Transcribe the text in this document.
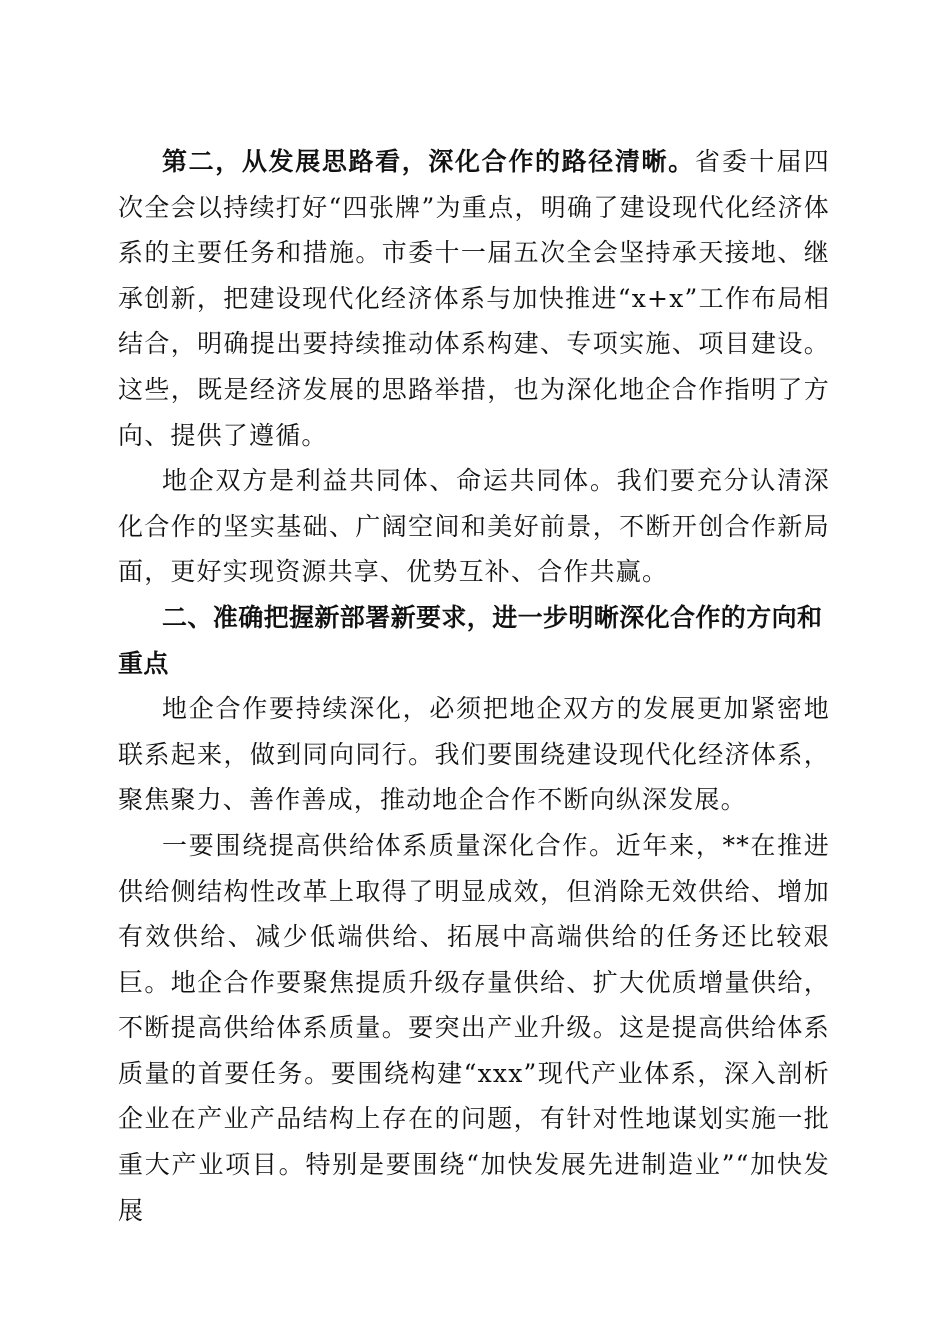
第二，从发展思路看，深化合作的路径清晰。省委十届四次全会以持续打好“四张牌”为重点，明确了建设现代化经济体系的主要任务和措施。市委十一届五次全会坚持承天接地、继承创新，把建设现代化经济体系与加快推进“x+x”工作布局相结合，明确提出要持续推动体系构建、专项实施、项目建设。这些，既是经济发展的思路举措，也为深化地企合作指明了方向、提供了遵循。

地企双方是利益共同体、命运共同体。我们要充分认清深化合作的坚实基础、广阔空间和美好前景，不断开创合作新局面，更好实现资源共享、优势互补、合作共赢。

二、准确把握新部署新要求，进一步明晰深化合作的方向和重点

地企合作要持续深化，必须把地企双方的发展更加紧密地联系起来，做到同向同行。我们要围绕建设现代化经济体系，聚焦聚力、善作善成，推动地企合作不断向纵深发展。

一要围绕提高供给体系质量深化合作。近年来，**在推进供给侧结构性改革上取得了明显成效，但消除无效供给、增加有效供给、减少低端供给、拓展中高端供给的任务还比较艰巨。地企合作要聚焦提质升级存量供给、扩大优质增量供给，不断提高供给体系质量。要突出产业升级。这是提高供给体系质量的首要任务。要围绕构建“xxx”现代产业体系，深入剖析企业在产业产品结构上存在的问题，有针对性地谋划实施一批重大产业项目。特别是要围绕“加快发展先进制造业”“加快发展
